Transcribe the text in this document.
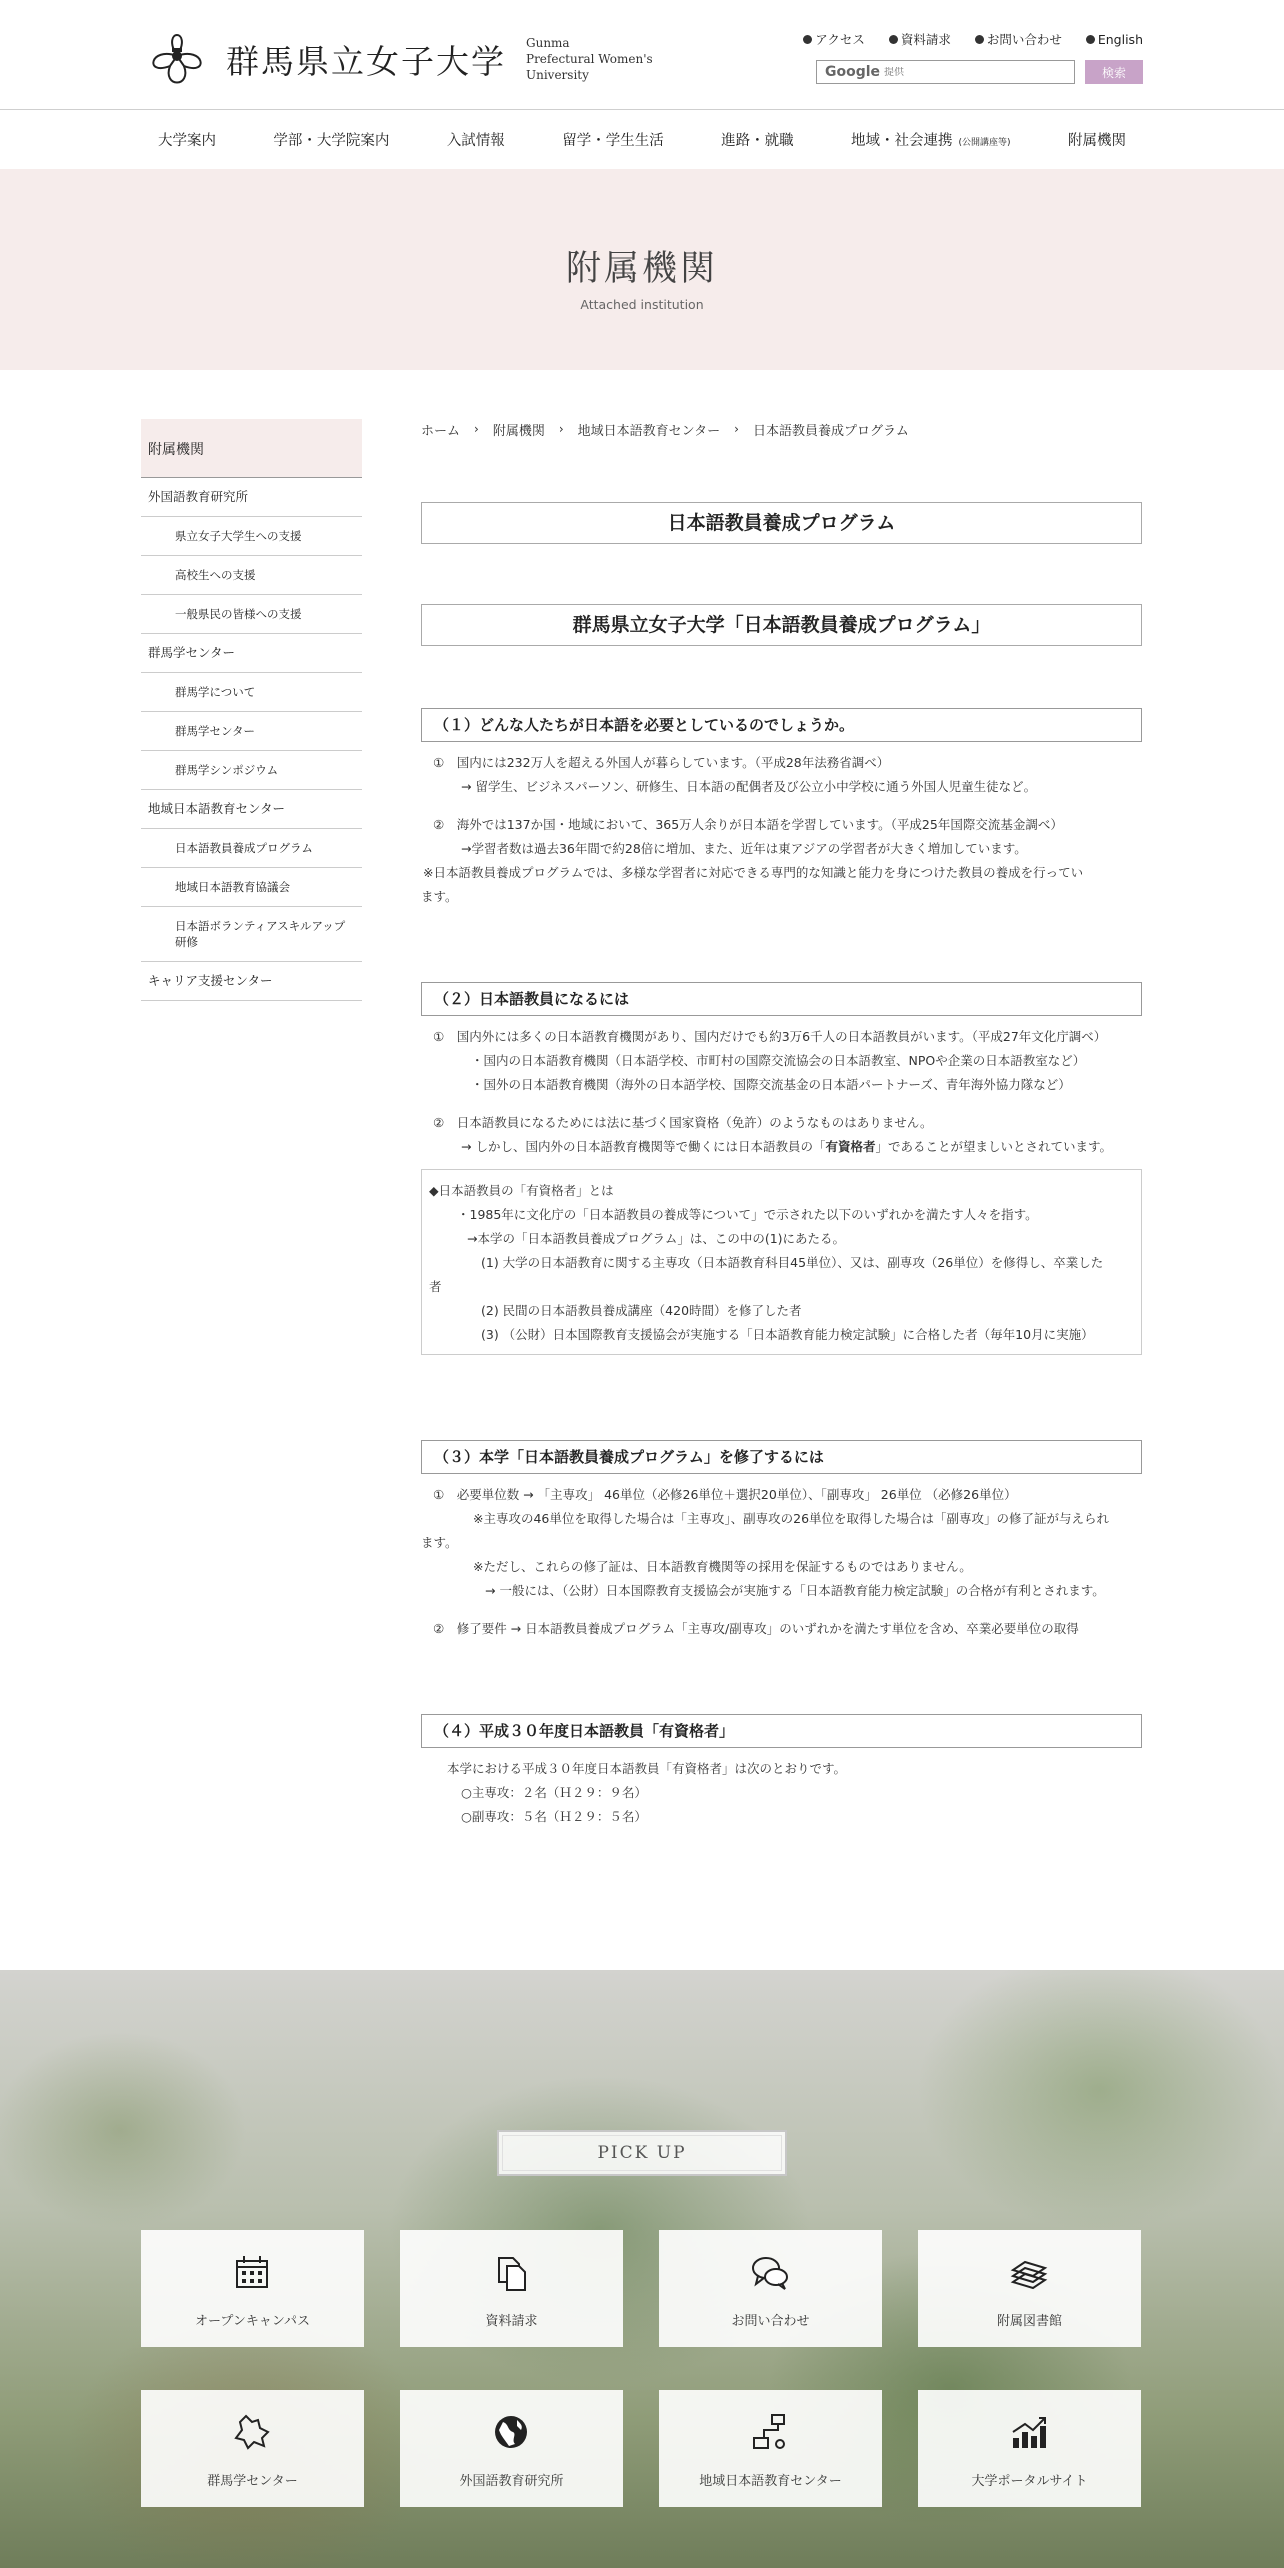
群馬県立女子大学 Gunma
Prefectural Women's
University
アクセス	資料請求	お問い合わせ	English
Google
提供	検索
大学案内	学部・大学院案内	入試情報	留学・学生生活	進路・就職	地域・社会連携 (公開講座等)	附属機関
附属機関
Attached institution
附属機関
外国語教育研究所
県立女子大学生への支援
高校生への支援
一般県民の皆様への支援
群馬学センター
群馬学について
群馬学センター
群馬学シンポジウム
地域日本語教育センター
日本語教員養成プログラム
地域日本語教育協議会
日本語ボランティアスキルアップ研修
キャリア支援センター
ホーム › 附属機関 › 地域日本語教育センター › 日本語教員養成プログラム
日本語教員養成プログラム
群馬県立女子大学「日本語教員養成プログラム」
（１）どんな人たちが日本語を必要としているのでしょうか。
①　国内には232万人を超える外国人が暮らしています。（平成28年法務省調べ）
→ 留学生、ビジネスパーソン、研修生、日本語の配偶者及び公立小中学校に通う外国人児童生徒など。
②　海外では137か国・地域において、365万人余りが日本語を学習しています。（平成25年国際交流基金調べ）
→学習者数は過去36年間で約28倍に増加、また、近年は東アジアの学習者が大きく増加しています。
※日本語教員養成プログラムでは、多様な学習者に対応できる専門的な知識と能力を身につけた教員の養成を行ってい
ます。
（２）日本語教員になるには
①　国内外には多くの日本語教育機関があり、国内だけでも約3万6千人の日本語教員がいます。（平成27年文化庁調べ）
・国内の日本語教育機関（日本語学校、市町村の国際交流協会の日本語教室、NPOや企業の日本語教室など）
・国外の日本語教育機関（海外の日本語学校、国際交流基金の日本語パートナーズ、青年海外協力隊など）
②　日本語教員になるためには法に基づく国家資格（免許）のようなものはありません。
→ しかし、国内外の日本語教育機関等で働くには日本語教員の「有資格者」であることが望ましいとされています。
◆日本語教員の「有資格者」とは
・1985年に文化庁の「日本語教員の養成等について」で示された以下のいずれかを満たす人々を指す。
→本学の「日本語教員養成プログラム」は、この中の(1)にあたる。
(1) 大学の日本語教育に関する主専攻（日本語教育科目45単位）、又は、副専攻（26単位）を修得し、卒業した
者
(2) 民間の日本語教員養成講座（420時間）を修了した者
(3) （公財）日本国際教育支援協会が実施する「日本語教育能力検定試験」に合格した者（毎年10月に実施）
（３）本学「日本語教員養成プログラム」を修了するには
①　必要単位数 → 「主専攻」 46単位（必修26単位＋選択20単位）、「副専攻」 26単位 （必修26単位）
※主専攻の46単位を取得した場合は「主専攻」、副専攻の26単位を取得した場合は「副専攻」の修了証が与えられ
ます。
※ただし、これらの修了証は、日本語教育機関等の採用を保証するものではありません。
→ 一般には、（公財）日本国際教育支援協会が実施する「日本語教育能力検定試験」の合格が有利とされます。
②　修了要件 → 日本語教員養成プログラム「主専攻/副専攻」のいずれかを満たす単位を含め、卒業必要単位の取得
（４）平成３０年度日本語教員「有資格者」
本学における平成３０年度日本語教員「有資格者」は次のとおりです。
○主専攻：２名（Ｈ２９：９名）
○副専攻：５名（Ｈ２９：５名）
PICK UP
オープンキャンパス	資料請求	お問い合わせ	附属図書館
群馬学センター	外国語教育研究所	地域日本語教育センター	大学ポータルサイト
